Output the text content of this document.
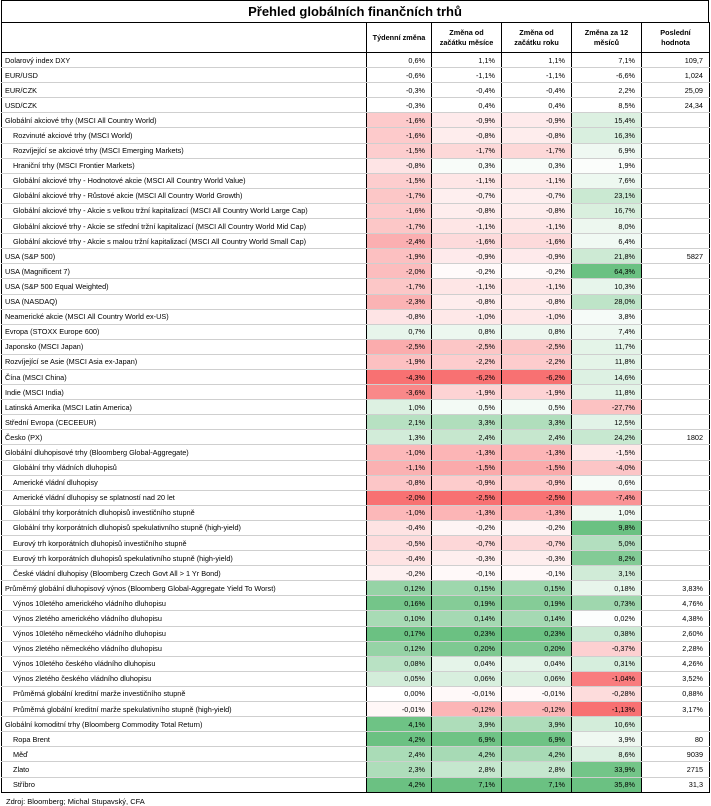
Přehled globálních finančních trhů
	Týdenní změna	Změna od začátku měsíce	Změna od začátku roku	Změna za 12 měsíců	Poslední hodnota
Dolarový index DXY	0,6%	1,1%	1,1%	7,1%	109,7
EUR/USD	-0,6%	-1,1%	-1,1%	-6,6%	1,024
EUR/CZK	-0,3%	-0,4%	-0,4%	2,2%	25,09
USD/CZK	-0,3%	0,4%	0,4%	8,5%	24,34
Globální akciové trhy (MSCI All Country World)	-1,6%	-0,9%	-0,9%	15,4%	
Rozvinuté akciové trhy (MSCI World)	-1,6%	-0,8%	-0,8%	16,3%	
Rozvíjející se akciové trhy (MSCI Emerging Markets)	-1,5%	-1,7%	-1,7%	6,9%	
Hraniční trhy (MSCI Frontier Markets)	-0,8%	0,3%	0,3%	1,9%	
Globální akciové trhy - Hodnotové akcie (MSCI All Country World Value)	-1,5%	-1,1%	-1,1%	7,6%	
Globální akciové trhy - Růstové akcie (MSCI All Country World Growth)	-1,7%	-0,7%	-0,7%	23,1%	
Globální akciové trhy - Akcie s velkou tržní kapitalizací (MSCI All Country World Large Cap)	-1,6%	-0,8%	-0,8%	16,7%	
Globální akciové trhy - Akcie se střední tržní kapitalizací (MSCI All Country World Mid Cap)	-1,7%	-1,1%	-1,1%	8,0%	
Globální akciové trhy - Akcie s malou tržní kapitalizací (MSCI All Country World Small Cap)	-2,4%	-1,6%	-1,6%	6,4%	
USA (S&P 500)	-1,9%	-0,9%	-0,9%	21,8%	5827
USA (Magnificent 7)	-2,0%	-0,2%	-0,2%	64,3%	
USA (S&P 500 Equal Weighted)	-1,7%	-1,1%	-1,1%	10,3%	
USA (NASDAQ)	-2,3%	-0,8%	-0,8%	28,0%	
Neamerické akcie (MSCI All Country World ex-US)	-0,8%	-1,0%	-1,0%	3,8%	
Evropa (STOXX Europe 600)	0,7%	0,8%	0,8%	7,4%	
Japonsko (MSCI Japan)	-2,5%	-2,5%	-2,5%	11,7%	
Rozvíjející se Asie (MSCI Asia ex-Japan)	-1,9%	-2,2%	-2,2%	11,8%	
Čína (MSCI China)	-4,3%	-6,2%	-6,2%	14,6%	
Indie (MSCI India)	-3,6%	-1,9%	-1,9%	11,8%	
Latinská Amerika (MSCI Latin America)	1,0%	0,5%	0,5%	-27,7%	
Střední Evropa (CECEEUR)	2,1%	3,3%	3,3%	12,5%	
Česko (PX)	1,3%	2,4%	2,4%	24,2%	1802
Globální dluhopisové trhy (Bloomberg Global-Aggregate)	-1,0%	-1,3%	-1,3%	-1,5%	
Globální trhy vládních dluhopisů	-1,1%	-1,5%	-1,5%	-4,0%	
Americké vládní dluhopisy	-0,8%	-0,9%	-0,9%	0,6%	
Americké vládní dluhopisy se splatností nad 20 let	-2,0%	-2,5%	-2,5%	-7,4%	
Globální trhy korporátních dluhopisů investičního stupně	-1,0%	-1,3%	-1,3%	1,0%	
Globální trhy korporátních dluhopisů spekulativního stupně (high-yield)	-0,4%	-0,2%	-0,2%	9,8%	
Eurový trh korporátních dluhopisů investičního stupně	-0,5%	-0,7%	-0,7%	5,0%	
Eurový trh korporátních dluhopisů spekulativního stupně (high-yield)	-0,4%	-0,3%	-0,3%	8,2%	
České vládní dluhopisy (Bloomberg Czech Govt All > 1 Yr Bond)	-0,2%	-0,1%	-0,1%	3,1%	
Průměrný globální dluhopisový výnos (Bloomberg Global-Aggregate Yield To Worst)	0,12%	0,15%	0,15%	0,18%	3,83%
Výnos 10letého amerického vládního dluhopisu	0,16%	0,19%	0,19%	0,73%	4,76%
Výnos 2letého amerického vládního dluhopisu	0,10%	0,14%	0,14%	0,02%	4,38%
Výnos 10letého německého vládního dluhopisu	0,17%	0,23%	0,23%	0,38%	2,60%
Výnos 2letého německého vládního dluhopisu	0,12%	0,20%	0,20%	-0,37%	2,28%
Výnos 10letého českého vládního dluhopisu	0,08%	0,04%	0,04%	0,31%	4,26%
Výnos 2letého českého vládního dluhopisu	0,05%	0,06%	0,06%	-1,04%	3,52%
Průměrná globální kreditní marže investičního stupně	0,00%	-0,01%	-0,01%	-0,28%	0,88%
Průměrná globální kreditní marže spekulativního stupně (high-yield)	-0,01%	-0,12%	-0,12%	-1,13%	3,17%
Globální komoditní trhy (Bloomberg Commodity Total Return)	4,1%	3,9%	3,9%	10,6%	
Ropa Brent	4,2%	6,9%	6,9%	3,9%	80
Měď	2,4%	4,2%	4,2%	8,6%	9039
Zlato	2,3%	2,8%	2,8%	33,9%	2715
Stříbro	4,2%	7,1%	7,1%	35,8%	31,3
Zdroj: Bloomberg; Michal Stupavský, CFA
